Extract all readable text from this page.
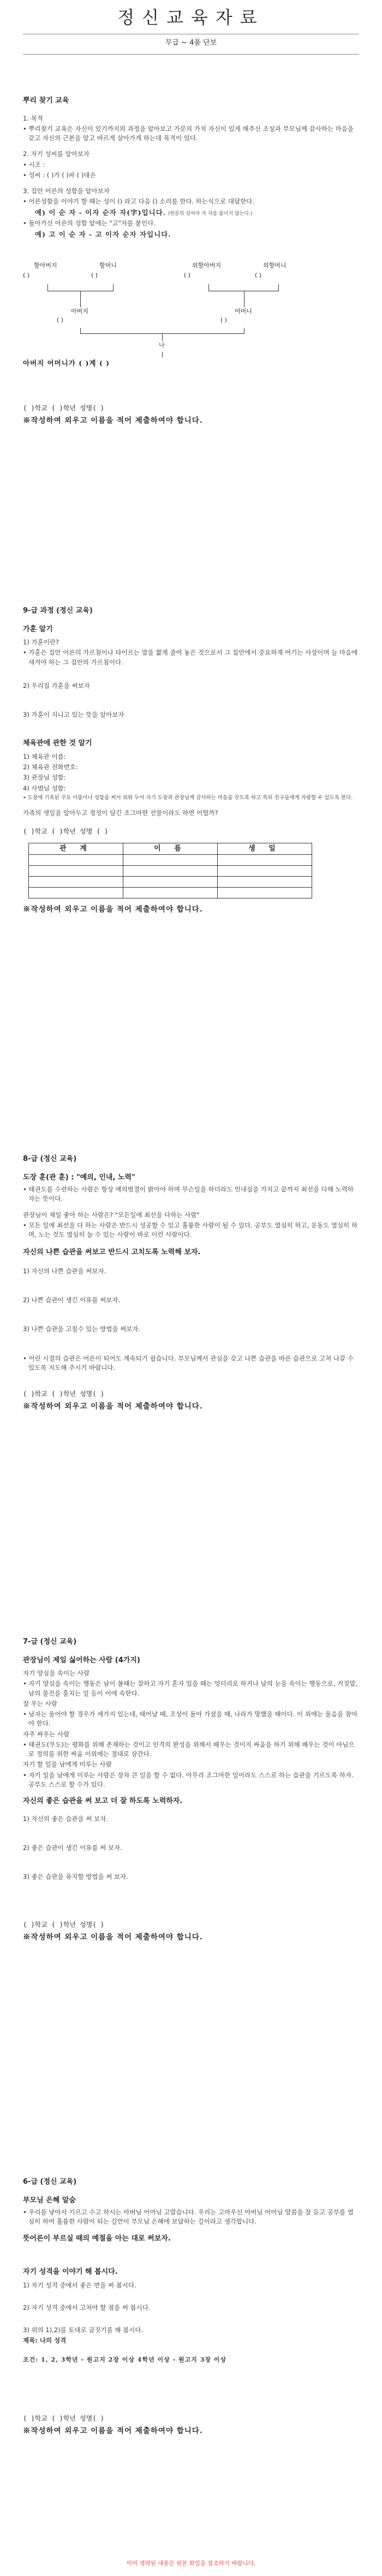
정신교육자료
무급 ~ 4품 단보
뿌리 찾기 교육
1. 목적
• 뿌리찾기 교육은 자신이 있기까지의 과정을 알아보고 가문의 가치 자신이 있게 해주신 조상과 부모님께 감사하는 마음을 갖고 자신의 근본을 알고 바르게 살아가게 하는데 목적이 있다.
2. 자기 성씨를 알아보자
• 시조 :
• 성씨 : ( )가 ( )파 ( )대손
3. 집안 어른의 성함을 알아보자
• 어른성함을 이야기 할 때는 성이 () 라고 다음 () 소리를 한다. 하는식으로 대답한다.
예) 이 순 자 - 이자 순자 자(字)입니다. (한분의 성씨라 자 자를 붙이지 않는다.)
• 돌아가신 어른의 성함 앞에는 "고"자를 붙인다.
예) 고 이 순 자 - 고 이자 순자 자입니다.
할아버지	할머니	외할아버지	외할머니
( )	( )	( )	( )
아버지	어머니
( )	( )
나
아버지 어머니가 ( )계 ( )
( )학교 ( )학년 성명( )
※작성하여 외우고 이름을 적어 제출하여야 합니다.
9-급 과정 (정신 교육)
가훈 알기
1) 가훈이란?
• 가훈은 집안 어른의 가르침이나 타이르는 말을 짧게 줄여 놓은 것으로서 그 집안에서 중요하게 여기는 사상이며 늘 마음에 새겨야 하는 그 집안의 가르침이다.
2) 우리집 가훈을 써보자
3) 가훈이 지니고 있는 뜻을 알아보자
체육관에 관한 것 알기
1) 체육관 이름:
2) 체육관 전화번호:
3) 관장님 성함:
4) 사범님 성함:
• 도장에 기록된 주요 이름이나 성함을 써서 외워 두어 자기 도장과 관장님께 감사하는 마음을 갖도록 하고 특히 친구들에게 자랑할 수 있도록 한다.
가족의 생일을 알아두고 정성이 담긴 조그마한 선물이라도 하면 어떨까?
( )학교 ( )학년 성명 ( )
관 계	이 름	생 일

※작성하여 외우고 이름을 적어 제출하여야 합니다.
8-급 (정신 교육)
도장 훈(관 훈) : "예의, 인내, 노력"
• 태권도를 수련하는 사람은 항상 예의범절이 밝아야 하며 무슨일을 하더라도 인내심을 가지고 끝까지 최선을 다해 노력하자는 뜻이다.
관장님이 제일 좋아 하는 사람은? "모든일에 최선을 다하는 사람"
• 모든 일에 최선을 다 하는 사람은 반드시 성공할 수 있고 훌륭한 사람이 될 수 있다. 공부도 열심히 하고, 운동도 열심히 하며, 노는 것도 열심히 놀 수 있는 사람이 바로 이런 사람이다.
자신의 나쁜 습관을 써보고 반드시 고치도록 노력해 보자.
1) 자신의 나쁜 습관을 써보자.
2) 나쁜 습관이 생긴 이유를 써보자.
3) 나쁜 습관을 고칠수 있는 방법을 써보자.
• 어린 시절의 습관은 어른이 되어도 계속되기 쉽습니다. 부모님께서 관심을 갖고 나쁜 습관을 바른 습관으로 고쳐 나갈 수 있도록 지도해 주시기 바랍니다.
( )학교 ( )학년 성명( )
※작성하여 외우고 이름을 적어 제출하여야 합니다.
7-급 (정신 교육)
관장님이 제일 싫어하는 사람 (4가지)
자기 양심을 속이는 사람
• 자기 양심을 속이는 행동은 남이 볼때는 잘하고 자기 혼자 있을 때는 엉터리로 하거나 남의 눈을 속이는 행동으로, 거짓말, 남의 물건을 훔치는 일 등이 이에 속한다.
잘 우는 사람
• 남자는 울어야 할 경우가 세가지 있는데, 태어날 때, 조상이 돌아 가셨을 때, 나라가 망했을 때이다. 이 외에는 울음을 참아야 한다.
자주 싸우는 사람
• 태권도(무도)는 평화를 위해 존재하는 것이고 인격의 완성을 위해서 배우는 것이지 싸움을 하기 위해 배우는 것이 아님으로 정의를 위한 싸움 이외에는 절대로 삼간다.
자기 할 일을 남에게 미루는 사람
• 자기 일을 남에게 미루는 사람은 장차 큰 일을 할 수 없다. 아무리 조그마한 일이라도 스스로 하는 습관을 기르도록 하자. 공부도 스스로 할 수가 있다.
자신의 좋은 습관을 써 보고 더 잘 하도록 노력하자.
1) 자신의 좋은 습관을 써 보자.
2) 좋은 습관이 생긴 이유를 써 보자.
3) 좋은 습관을 유지할 방법을 써 보자.
( )학교 ( )학년 성명( )
※작성하여 외우고 이름을 적어 제출하여야 합니다.
6-급 (정신 교육)
부모님 은혜 알숨
• 우리를 낳아서 기르고 수고 하시는 아버님 어머님 고맙습니다. 우리는 고마우신 아버님 어머님 말씀을 잘 듣고 공부를 열심히 하여 훌륭한 사람이 되는 길만이 부모님 은혜에 보답하는 길이라고 생각합니다.
뜻어른이 부르실 때의 예절을 아는 대로 써보자.
자기 성격을 이야기 해 봅시다.
1) 자기 성격 중에서 좋은 면을 써 봅시다.
2) 자기 성격 중에서 고쳐야 할 점을 써 봅시다.
3) 위의 1),2)를 토대로 글짓기를 해 봅시다.
제목: 나의 성격
조건: 1, 2, 3학년 - 원고지 2장 이상 4학년 이상 - 원고지 3장 이상
( )학교 ( )학년 성명( )
※작성하여 외우고 이름을 적어 제출하여야 합니다.
이미 생략된 내용은 원본 화일을 참조하기 바랍니다.
